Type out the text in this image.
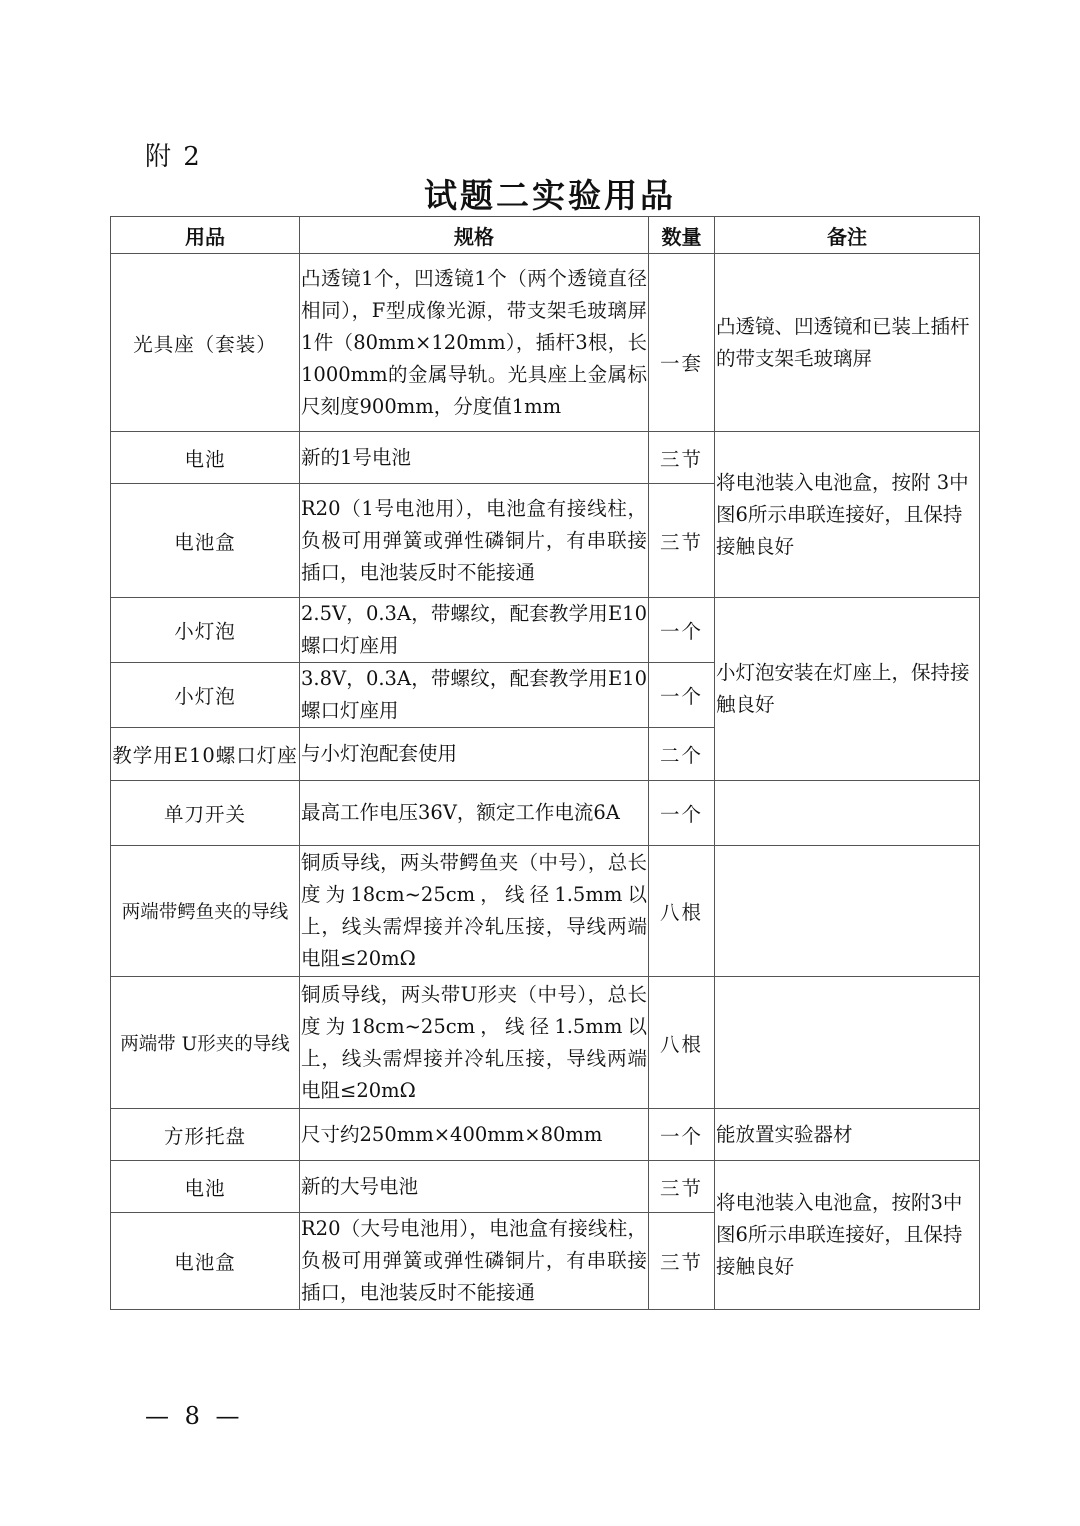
附 2
试题二实验用品
用品	规格	数量	备注
光具座（套装）	凸透镜1个，凹透镜1个（两个透镜直径相同），F型成像光源，带支架毛玻璃屏1件（80mm×120mm），插杆3根，长1000mm的金属导轨。光具座上金属标尺刻度900mm，分度值1mm	一套	凸透镜、凹透镜和已装上插杆的带支架毛玻璃屏
电池	新的1号电池	三节	将电池装入电池盒，按附 3中图6所示串联连接好，且保持接触良好
电池盒	R20（1号电池用），电池盒有接线柱，负极可用弹簧或弹性磷铜片，有串联接插口，电池装反时不能接通	三节	
小灯泡	2.5V，0.3A，带螺纹，配套教学用E10螺口灯座用	一个	小灯泡安装在灯座上，保持接触良好
小灯泡	3.8V，0.3A，带螺纹，配套教学用E10螺口灯座用	一个	
教学用E10螺口灯座	与小灯泡配套使用	二个	
单刀开关	最高工作电压36V，额定工作电流6A	一个	
两端带鳄鱼夹的导线	铜质导线，两头带鳄鱼夹（中号），总长度为18cm~25cm，线径1.5mm以上，线头需焊接并冷轧压接，导线两端电阻≤20mΩ	八根	
两端带 U形夹的导线	铜质导线，两头带U形夹（中号），总长度为18cm~25cm，线径1.5mm以上，线头需焊接并冷轧压接，导线两端电阻≤20mΩ	八根	
方形托盘	尺寸约250mm×400mm×80mm	一个	能放置实验器材
电池	新的大号电池	三节	将电池装入电池盒，按附3中图6所示串联连接好，且保持接触良好
电池盒	R20（大号电池用），电池盒有接线柱，负极可用弹簧或弹性磷铜片，有串联接插口，电池装反时不能接通	三节	
— 8 —
